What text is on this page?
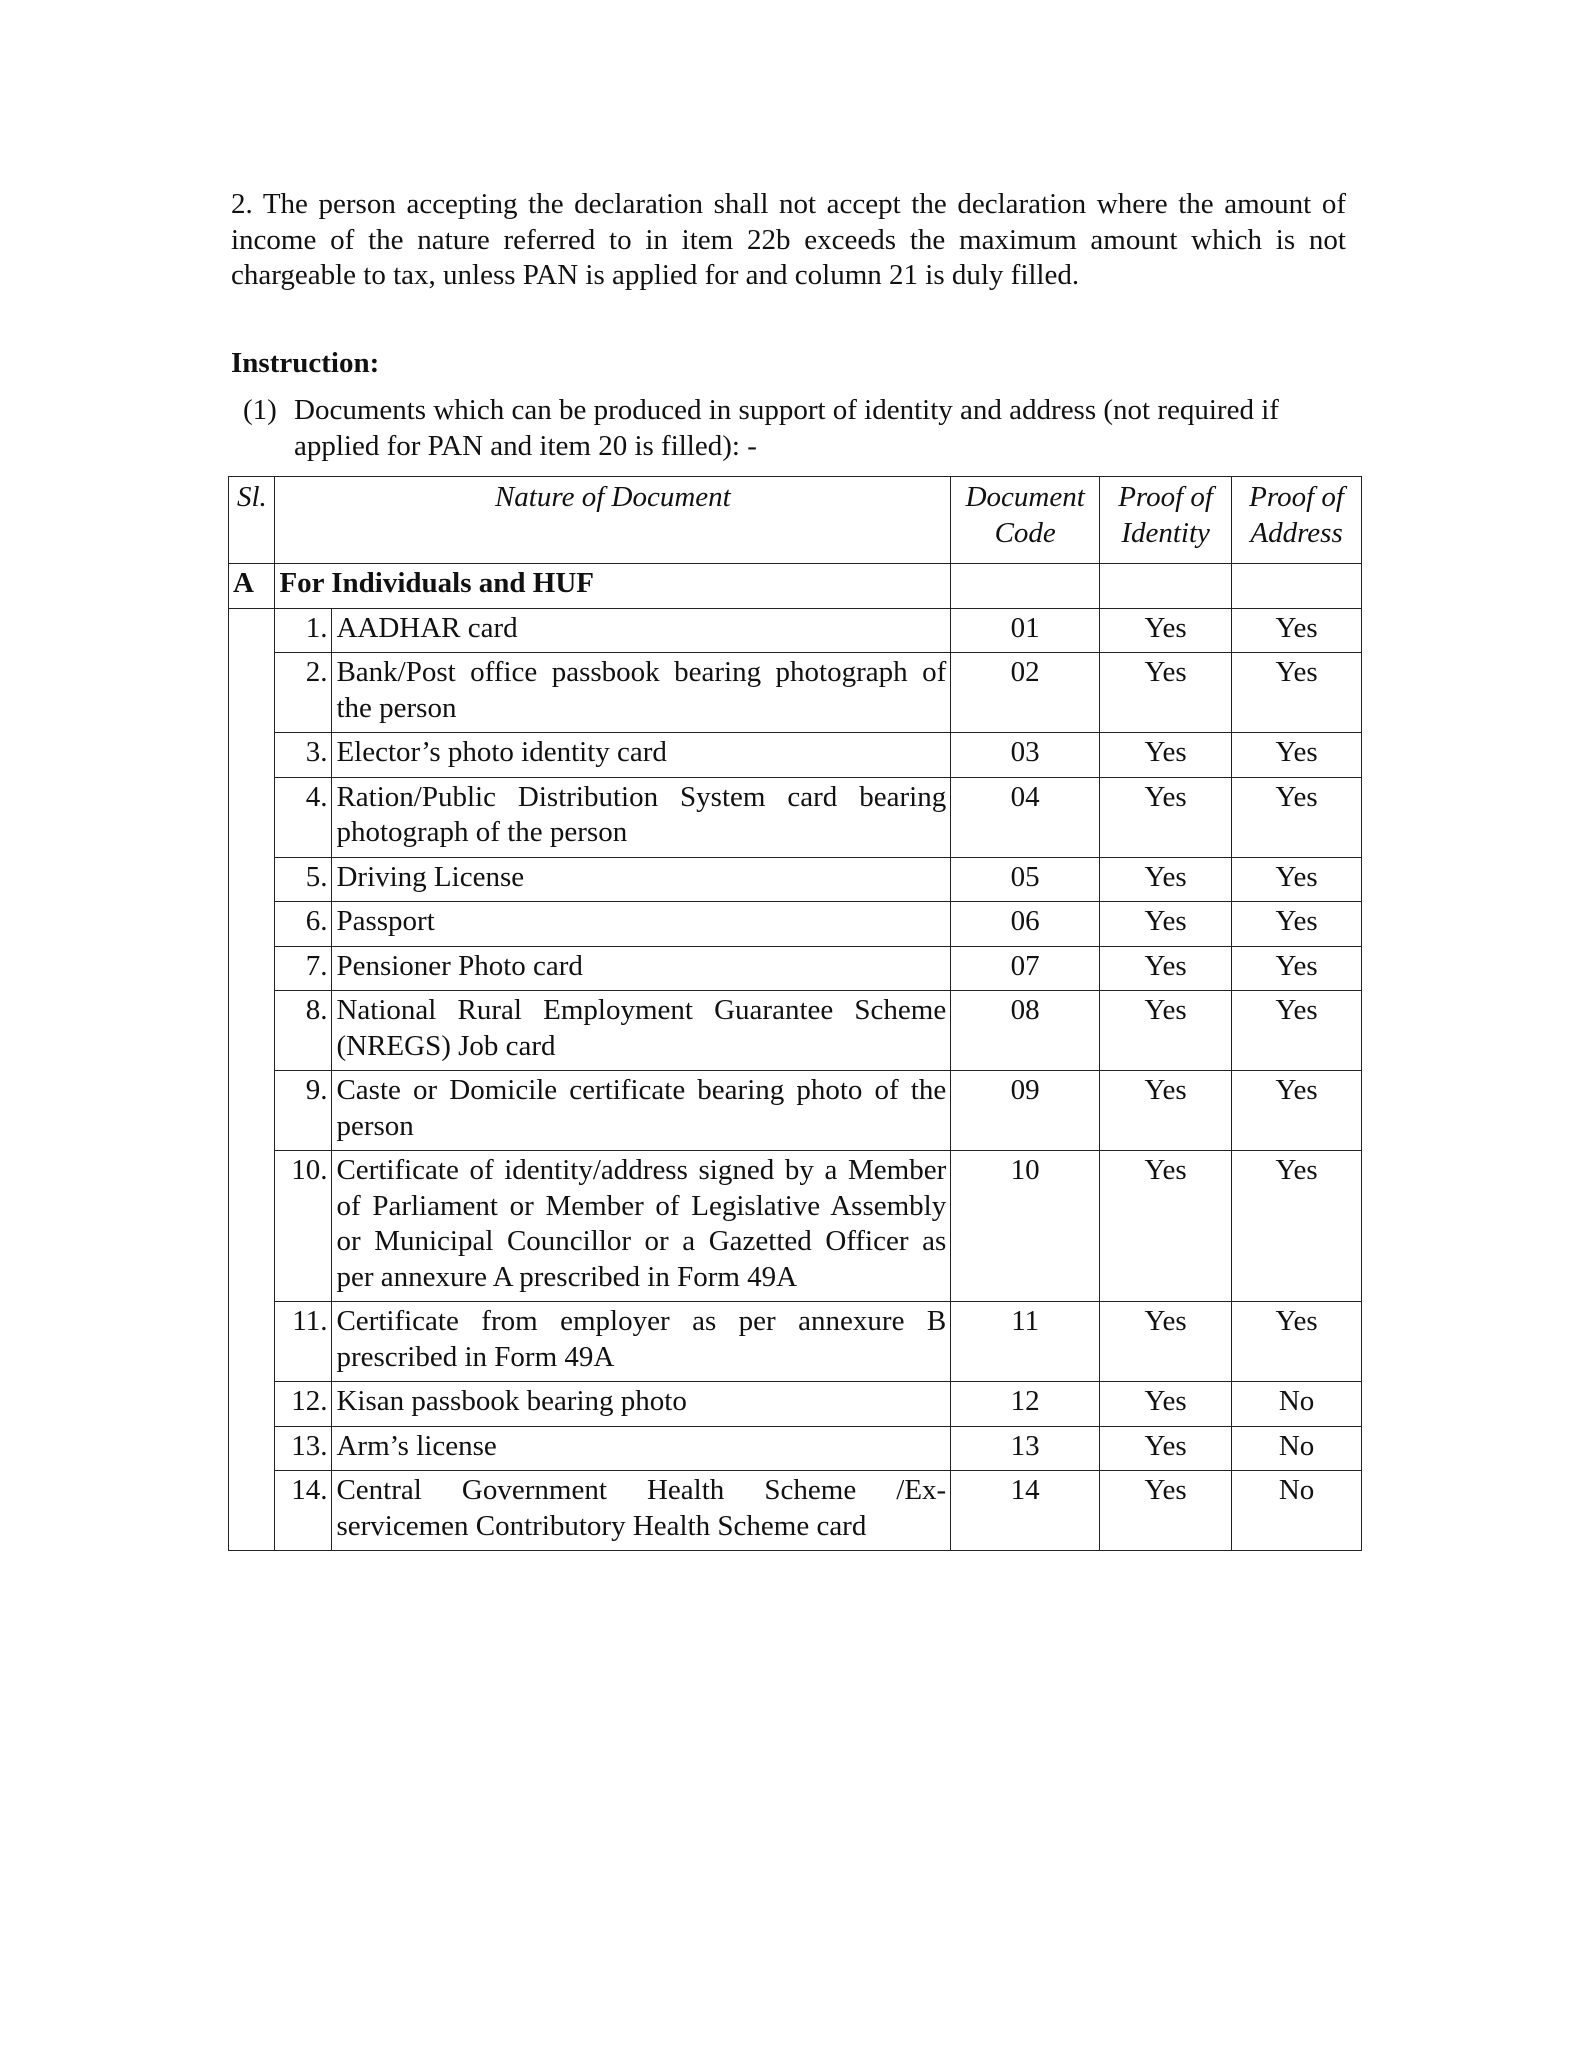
2. The person accepting the declaration shall not accept the declaration where the amount of income of the nature referred to in item 22b exceeds the maximum amount which is not chargeable to tax, unless PAN is applied for and column 21 is duly filled.

Instruction:

(1) Documents which can be produced in support of identity and address (not required if applied for PAN and item 20 is filled): -
Sl.	Nature of Document		Document Code	Proof of Identity	Proof of Address
A	For Individuals and HUF				
	1.	AADHAR card	01	Yes	Yes
	2.	Bank/Post office passbook bearing photograph of the person	02	Yes	Yes
	3.	Elector’s photo identity card	03	Yes	Yes
	4.	Ration/Public Distribution System card bearing photograph of the person	04	Yes	Yes
	5.	Driving License	05	Yes	Yes
	6.	Passport	06	Yes	Yes
	7.	Pensioner Photo card	07	Yes	Yes
	8.	National Rural Employment Guarantee Scheme (NREGS) Job card	08	Yes	Yes
	9.	Caste or Domicile certificate bearing photo of the person	09	Yes	Yes
	10.	Certificate of identity/address signed by a Member of Parliament or Member of Legislative Assembly or Municipal Councillor or a Gazetted Officer as per annexure A prescribed in Form 49A	10	Yes	Yes
	11.	Certificate from employer as per annexure B prescribed in Form 49A	11	Yes	Yes
	12.	Kisan passbook bearing photo	12	Yes	No
	13.	Arm’s license	13	Yes	No
	14.	Central Government Health Scheme /Ex-servicemen Contributory Health Scheme card	14	Yes	No
